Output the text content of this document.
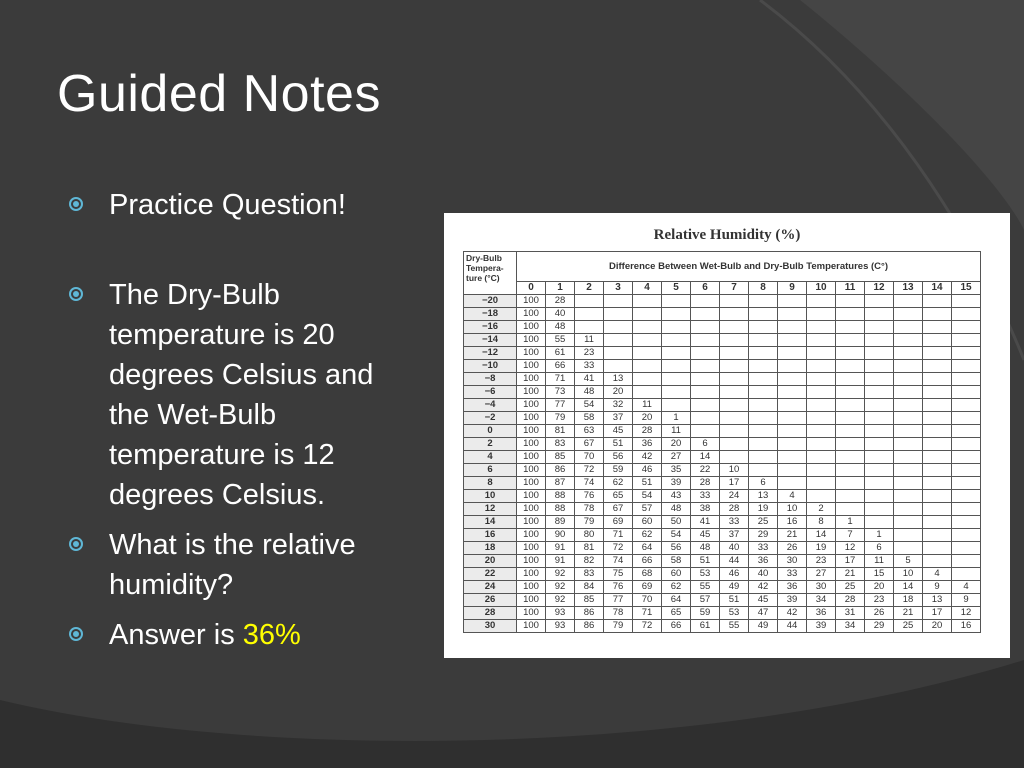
Guided Notes
Practice Question!
The Dry-Bulb temperature is 20 degrees Celsius and the Wet-Bulb temperature is 12 degrees Celsius.
What is the relative humidity?
Answer is 36%
Relative Humidity (%)
Dry-Bulb
Tempera-
ture (°C)	Difference Between Wet-Bulb and Dry-Bulb Temperatures (C°)															
	0	1	2	3	4	5	6	7	8	9	10	11	12	13	14	15
−20	100	28														
−18	100	40														
−16	100	48														
−14	100	55	11													
−12	100	61	23													
−10	100	66	33													
−8	100	71	41	13												
−6	100	73	48	20												
−4	100	77	54	32	11											
−2	100	79	58	37	20	1										
0	100	81	63	45	28	11										
2	100	83	67	51	36	20	6									
4	100	85	70	56	42	27	14									
6	100	86	72	59	46	35	22	10								
8	100	87	74	62	51	39	28	17	6							
10	100	88	76	65	54	43	33	24	13	4						
12	100	88	78	67	57	48	38	28	19	10	2					
14	100	89	79	69	60	50	41	33	25	16	8	1				
16	100	90	80	71	62	54	45	37	29	21	14	7	1			
18	100	91	81	72	64	56	48	40	33	26	19	12	6			
20	100	91	82	74	66	58	51	44	36	30	23	17	11	5		
22	100	92	83	75	68	60	53	46	40	33	27	21	15	10	4	
24	100	92	84	76	69	62	55	49	42	36	30	25	20	14	9	4
26	100	92	85	77	70	64	57	51	45	39	34	28	23	18	13	9
28	100	93	86	78	71	65	59	53	47	42	36	31	26	21	17	12
30	100	93	86	79	72	66	61	55	49	44	39	34	29	25	20	16
